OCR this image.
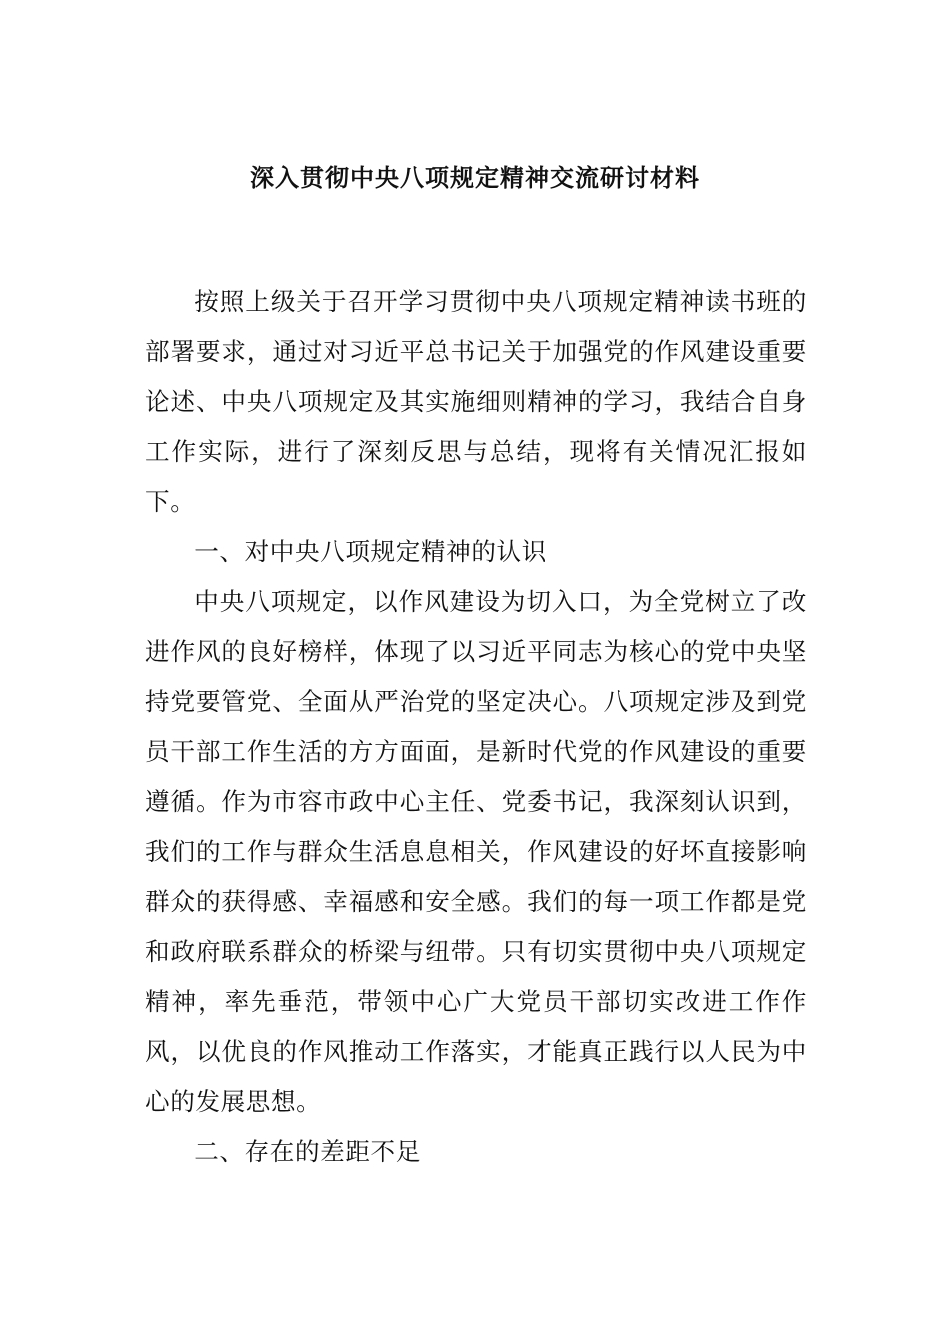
深入贯彻中央八项规定精神交流研讨材料

按照上级关于召开学习贯彻中央八项规定精神读书班的部署要求，通过对习近平总书记关于加强党的作风建设重要论述、中央八项规定及其实施细则精神的学习，我结合自身工作实际，进行了深刻反思与总结，现将有关情况汇报如下。

一、对中央八项规定精神的认识

中央八项规定，以作风建设为切入口，为全党树立了改进作风的良好榜样，体现了以习近平同志为核心的党中央坚持党要管党、全面从严治党的坚定决心。八项规定涉及到党员干部工作生活的方方面面，是新时代党的作风建设的重要遵循。作为市容市政中心主任、党委书记，我深刻认识到，我们的工作与群众生活息息相关，作风建设的好坏直接影响群众的获得感、幸福感和安全感。我们的每一项工作都是党和政府联系群众的桥梁与纽带。只有切实贯彻中央八项规定精神，率先垂范，带领中心广大党员干部切实改进工作作风，以优良的作风推动工作落实，才能真正践行以人民为中心的发展思想。

二、存在的差距不足
